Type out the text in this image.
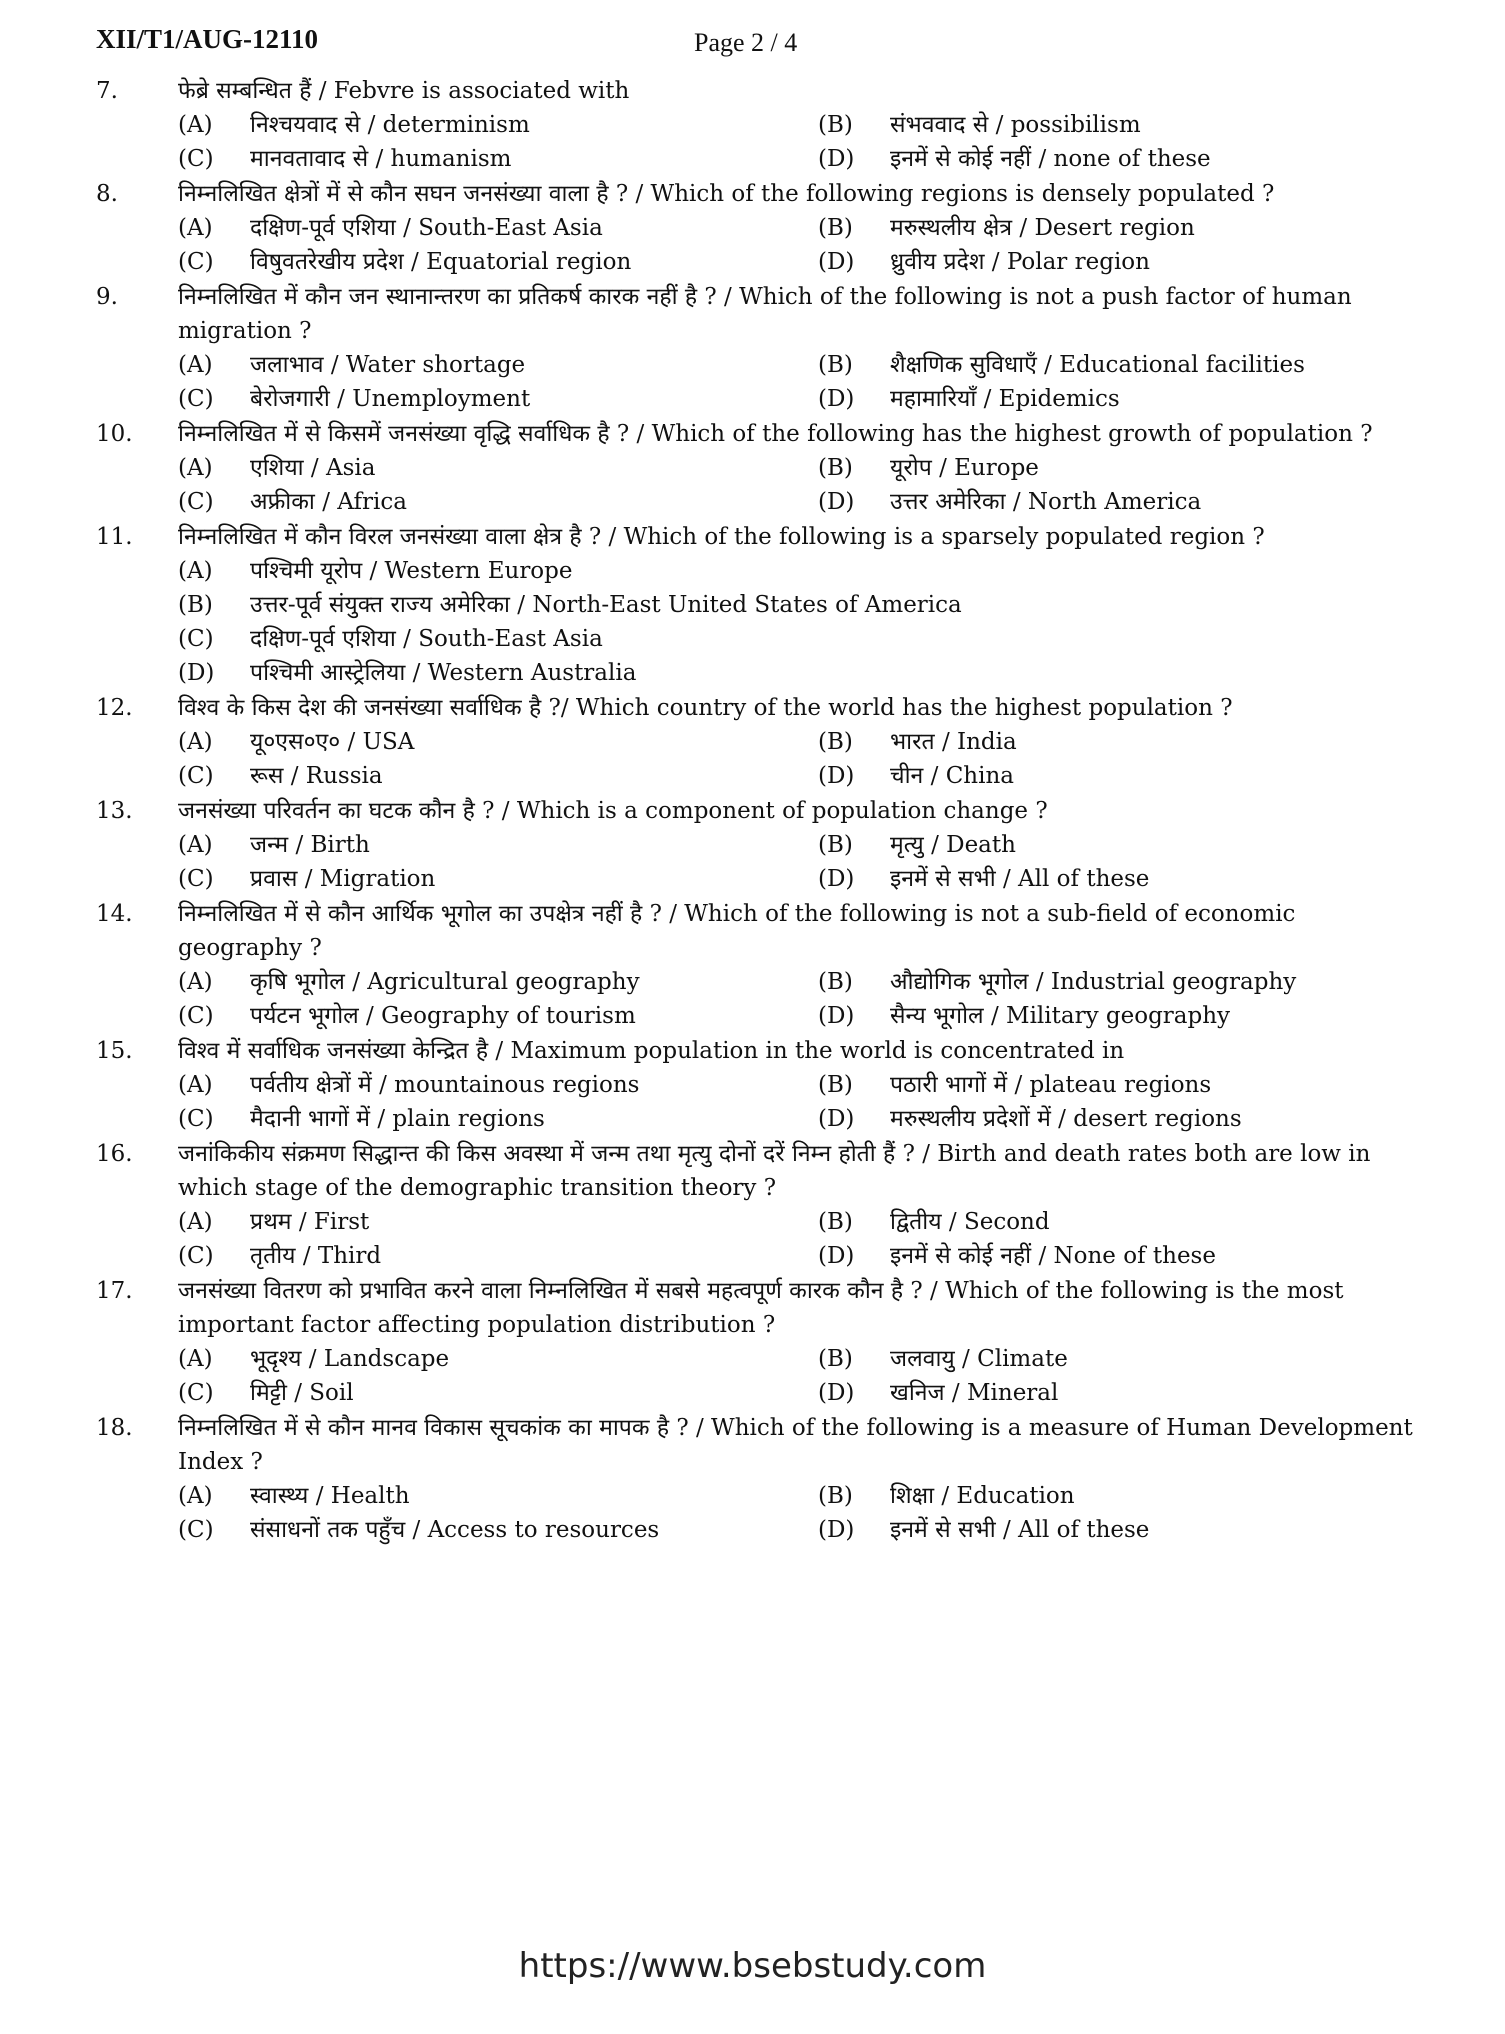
XII/T1/AUG-12110	Page 2 / 4
7.	फेब्रे सम्बन्धित हैं / Febvre is associated with
(A)	निश्चयवाद से / determinism	(B)	संभववाद से / possibilism
(C)	मानवतावाद से / humanism	(D)	इनमें से कोई नहीं / none of these
8.	निम्नलिखित क्षेत्रों में से कौन सघन जनसंख्या वाला है ? / Which of the following regions is densely populated ?
(A)	दक्षिण-पूर्व एशिया / South-East Asia	(B)	मरुस्थलीय क्षेत्र / Desert region
(C)	विषुवतरेखीय प्रदेश / Equatorial region	(D)	ध्रुवीय प्रदेश / Polar region
9.	निम्नलिखित में कौन जन स्थानान्तरण का प्रतिकर्ष कारक नहीं है ? / Which of the following is not a push factor of human migration ?
(A)	जलाभाव / Water shortage	(B)	शैक्षणिक सुविधाएँ / Educational facilities
(C)	बेरोजगारी / Unemployment	(D)	महामारियाँ / Epidemics
10.	निम्नलिखित में से किसमें जनसंख्या वृद्धि सर्वाधिक है ? / Which of the following has the highest growth of population ?
(A)	एशिया / Asia	(B)	यूरोप / Europe
(C)	अफ्रीका / Africa	(D)	उत्तर अमेरिका / North America
11.	निम्नलिखित में कौन विरल जनसंख्या वाला क्षेत्र है ? / Which of the following is a sparsely populated region ?
(A)	पश्चिमी यूरोप / Western Europe
(B)	उत्तर-पूर्व संयुक्त राज्य अमेरिका / North-East United States of America
(C)	दक्षिण-पूर्व एशिया / South-East Asia
(D)	पश्चिमी आस्ट्रेलिया / Western Australia
12.	विश्व के किस देश की जनसंख्या सर्वाधिक है ?/ Which country of the world has the highest population ?
(A)	यू०एस०ए० / USA	(B)	भारत / India
(C)	रूस / Russia	(D)	चीन / China
13.	जनसंख्या परिवर्तन का घटक कौन है ? / Which is a component of population change ?
(A)	जन्म / Birth	(B)	मृत्यु / Death
(C)	प्रवास / Migration	(D)	इनमें से सभी / All of these
14.	निम्नलिखित में से कौन आर्थिक भूगोल का उपक्षेत्र नहीं है ? / Which of the following is not a sub-field of economic geography ?
(A)	कृषि भूगोल / Agricultural geography	(B)	औद्योगिक भूगोल / Industrial geography
(C)	पर्यटन भूगोल / Geography of tourism	(D)	सैन्य भूगोल / Military geography
15.	विश्व में सर्वाधिक जनसंख्या केन्द्रित है / Maximum population in the world is concentrated in
(A)	पर्वतीय क्षेत्रों में / mountainous regions	(B)	पठारी भागों में / plateau regions
(C)	मैदानी भागों में / plain regions	(D)	मरुस्थलीय प्रदेशों में / desert regions
16.	जनांकिकीय संक्रमण सिद्धान्त की किस अवस्था में जन्म तथा मृत्यु दोनों दरें निम्न होती हैं ? / Birth and death rates both are low in which stage of the demographic transition theory ?
(A)	प्रथम / First	(B)	द्वितीय / Second
(C)	तृतीय / Third	(D)	इनमें से कोई नहीं / None of these
17.	जनसंख्या वितरण को प्रभावित करने वाला निम्नलिखित में सबसे महत्वपूर्ण कारक कौन है ? / Which of the following is the most important factor affecting population distribution ?
(A)	भूदृश्य / Landscape	(B)	जलवायु / Climate
(C)	मिट्टी / Soil	(D)	खनिज / Mineral
18.	निम्नलिखित में से कौन मानव विकास सूचकांक का मापक है ? / Which of the following is a measure of Human Development Index ?
(A)	स्वास्थ्य / Health	(B)	शिक्षा / Education
(C)	संसाधनों तक पहुँच / Access to resources	(D)	इनमें से सभी / All of these
https://www.bsebstudy.com
